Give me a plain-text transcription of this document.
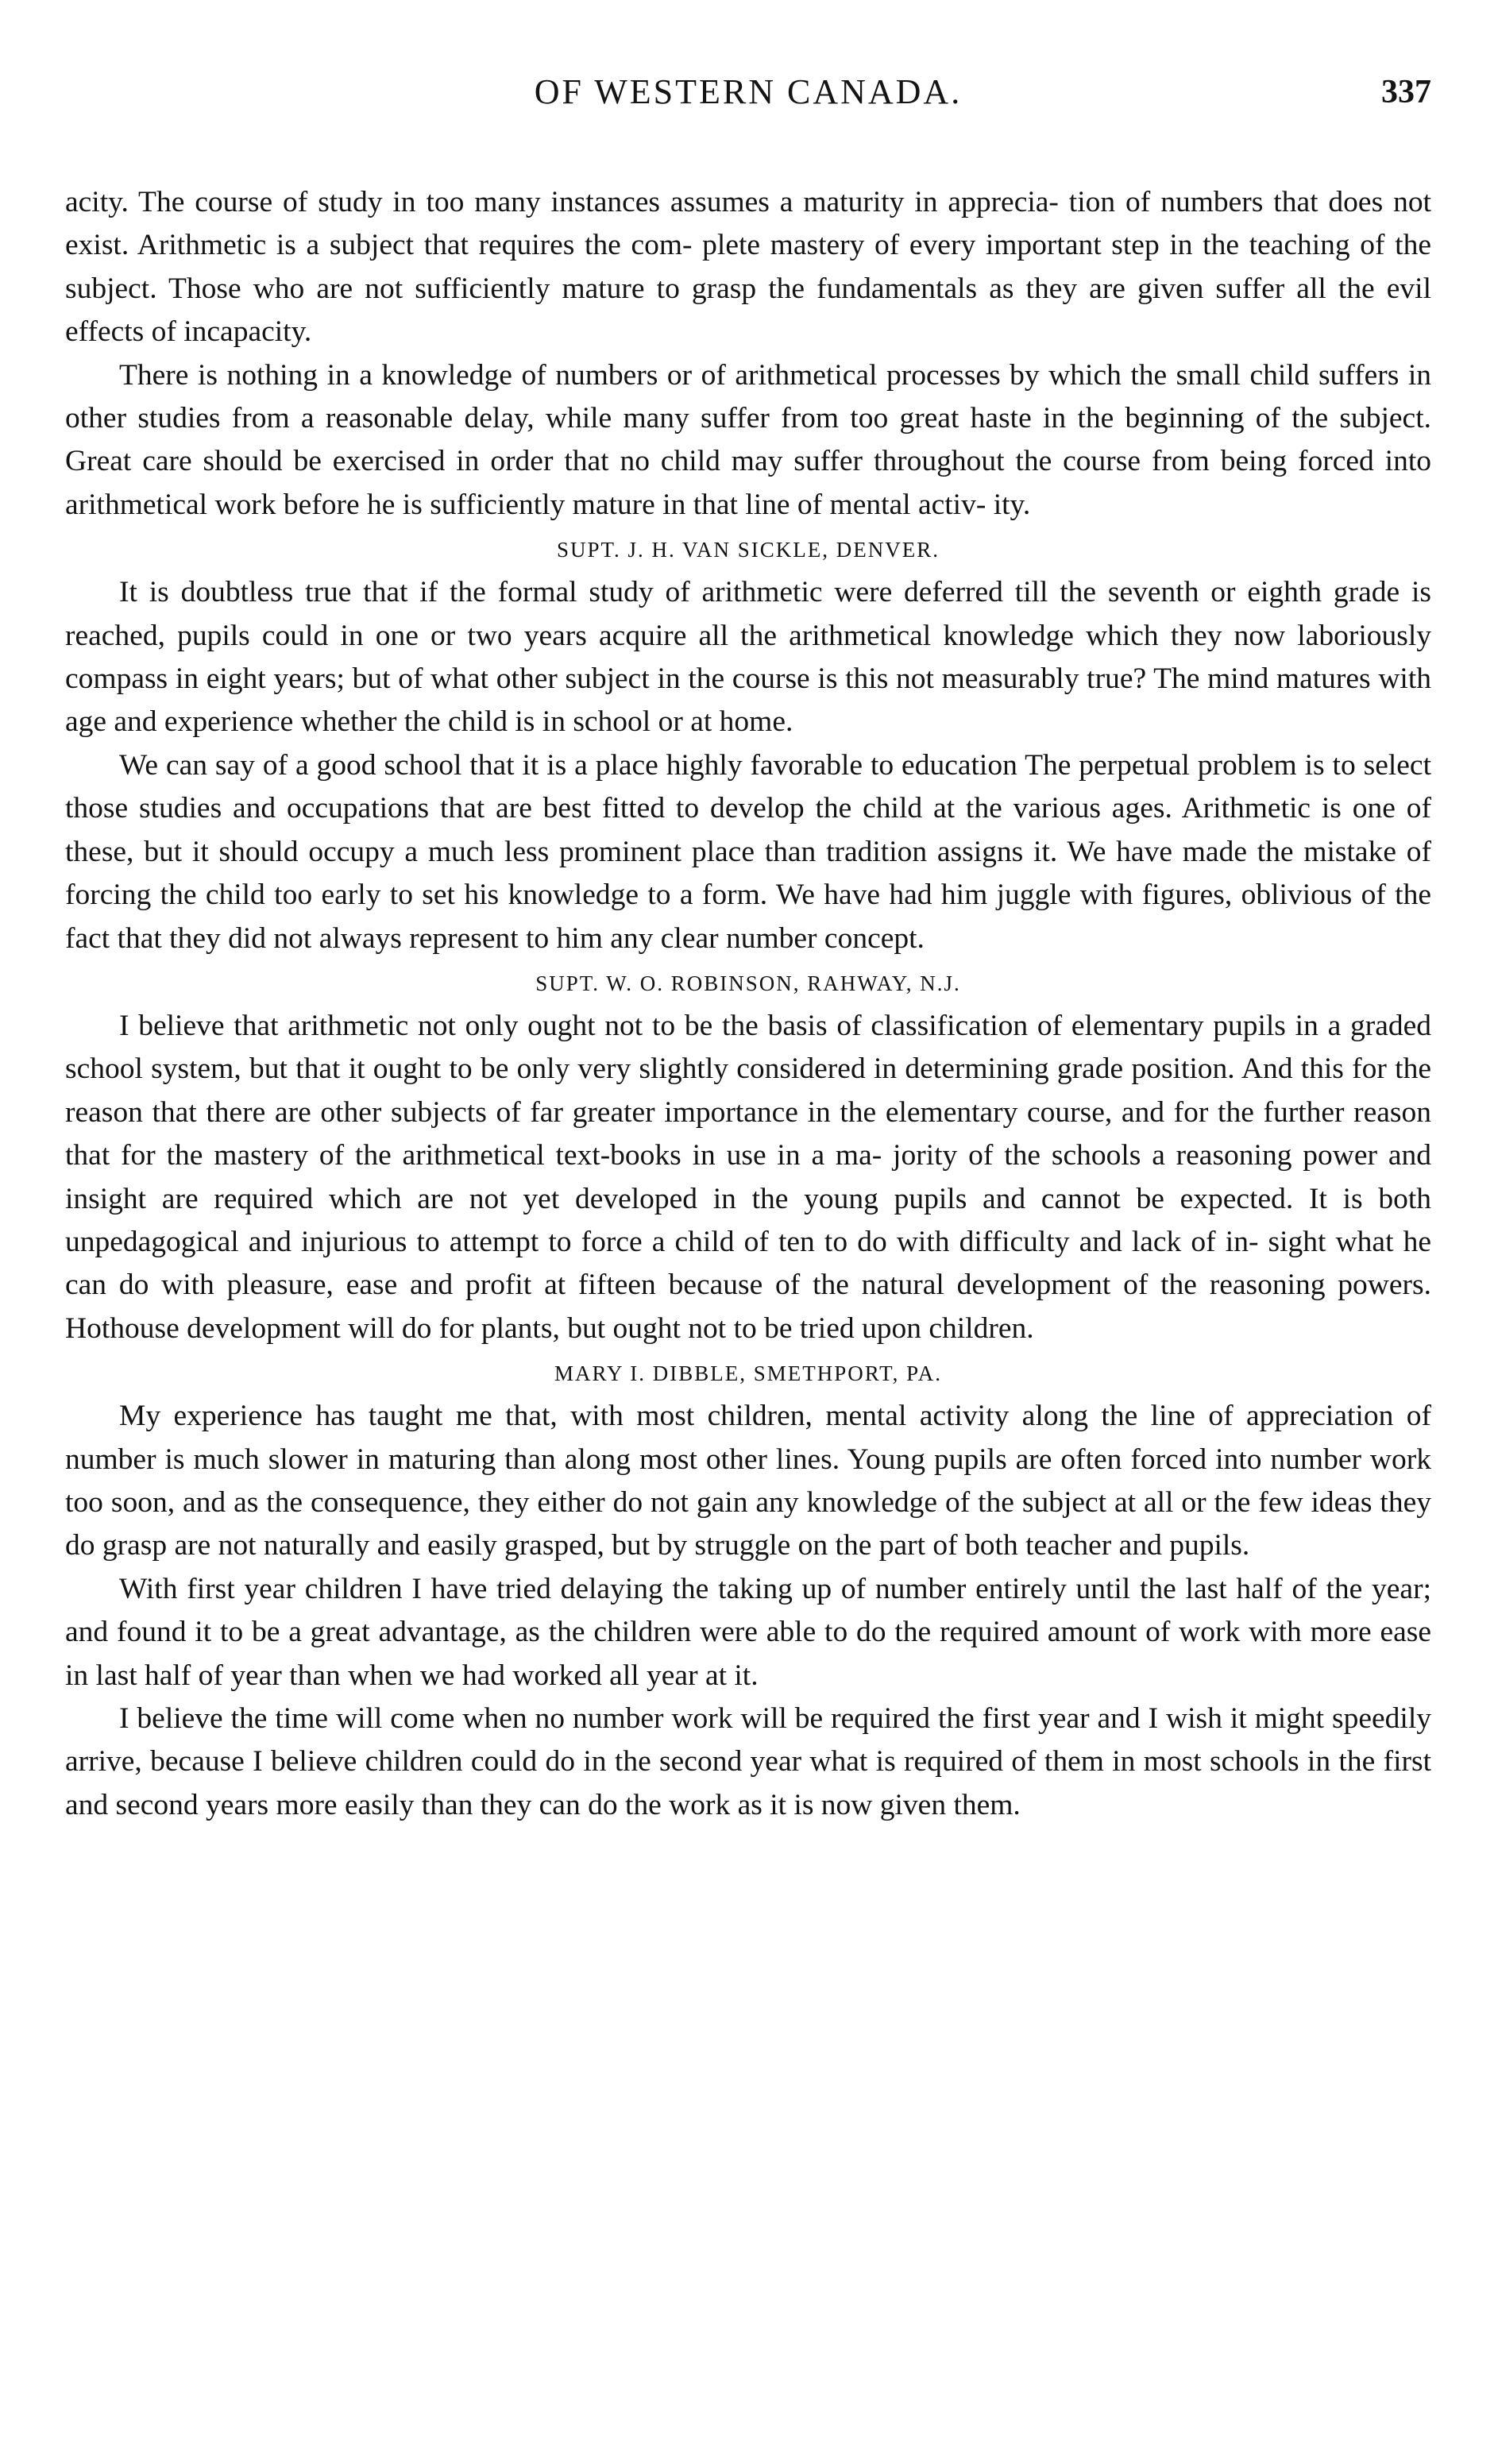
OF WESTERN CANADA.	337

acity. The course of study in too many instances assumes a maturity in apprecia- tion of numbers that does not exist. Arithmetic is a subject that requires the com- plete mastery of every important step in the teaching of the subject. Those who are not sufficiently mature to grasp the fundamentals as they are given suffer all the evil effects of incapacity.

There is nothing in a knowledge of numbers or of arithmetical processes by which the small child suffers in other studies from a reasonable delay, while many suffer from too great haste in the beginning of the subject. Great care should be exercised in order that no child may suffer throughout the course from being forced into arithmetical work before he is sufficiently mature in that line of mental activ- ity.

SUPT. J. H. VAN SICKLE, DENVER.

It is doubtless true that if the formal study of arithmetic were deferred till the seventh or eighth grade is reached, pupils could in one or two years acquire all the arithmetical knowledge which they now laboriously compass in eight years; but of what other subject in the course is this not measurably true? The mind matures with age and experience whether the child is in school or at home.

We can say of a good school that it is a place highly favorable to education The perpetual problem is to select those studies and occupations that are best fitted to develop the child at the various ages. Arithmetic is one of these, but it should occupy a much less prominent place than tradition assigns it. We have made the mistake of forcing the child too early to set his knowledge to a form. We have had him juggle with figures, oblivious of the fact that they did not always represent to him any clear number concept.

SUPT. W. O. ROBINSON, RAHWAY, N.J.

I believe that arithmetic not only ought not to be the basis of classification of elementary pupils in a graded school system, but that it ought to be only very slightly considered in determining grade position. And this for the reason that there are other subjects of far greater importance in the elementary course, and for the further reason that for the mastery of the arithmetical text-books in use in a ma- jority of the schools a reasoning power and insight are required which are not yet developed in the young pupils and cannot be expected. It is both unpedagogical and injurious to attempt to force a child of ten to do with difficulty and lack of in- sight what he can do with pleasure, ease and profit at fifteen because of the natural development of the reasoning powers. Hothouse development will do for plants, but ought not to be tried upon children.

MARY I. DIBBLE, SMETHPORT, PA.

My experience has taught me that, with most children, mental activity along the line of appreciation of number is much slower in maturing than along most other lines. Young pupils are often forced into number work too soon, and as the consequence, they either do not gain any knowledge of the subject at all or the few ideas they do grasp are not naturally and easily grasped, but by struggle on the part of both teacher and pupils.

With first year children I have tried delaying the taking up of number entirely until the last half of the year; and found it to be a great advantage, as the children were able to do the required amount of work with more ease in last half of year than when we had worked all year at it.

I believe the time will come when no number work will be required the first year and I wish it might speedily arrive, because I believe children could do in the second year what is required of them in most schools in the first and second years more easily than they can do the work as it is now given them.
